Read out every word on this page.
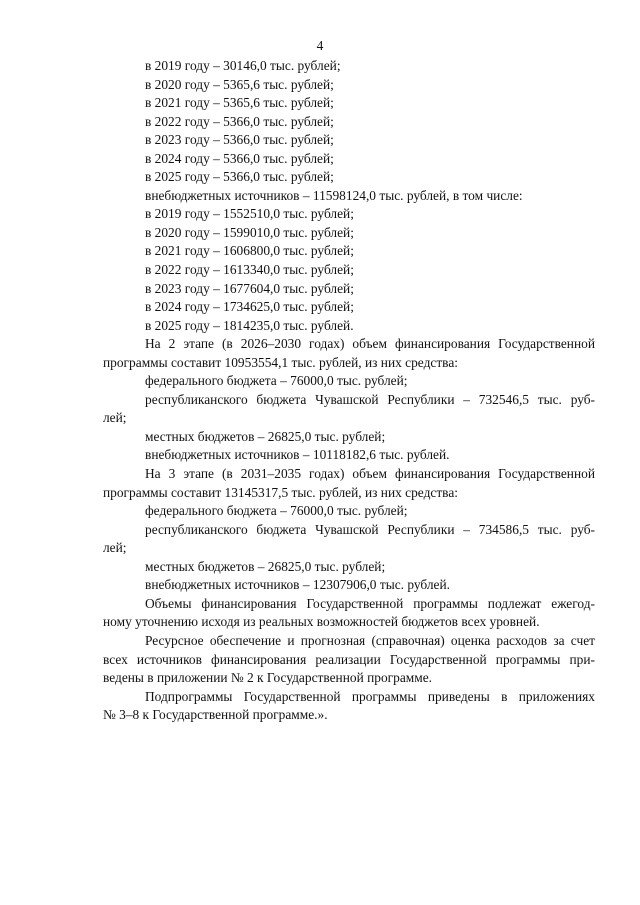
4
в 2019 году – 30146,0 тыс. рублей;
в 2020 году – 5365,6 тыс. рублей;
в 2021 году – 5365,6 тыс. рублей;
в 2022 году – 5366,0 тыс. рублей;
в 2023 году – 5366,0 тыс. рублей;
в 2024 году – 5366,0 тыс. рублей;
в 2025 году – 5366,0 тыс. рублей;
внебюджетных источников – 11598124,0 тыс. рублей, в том числе:
в 2019 году – 1552510,0 тыс. рублей;
в 2020 году – 1599010,0 тыс. рублей;
в 2021 году – 1606800,0 тыс. рублей;
в 2022 году – 1613340,0 тыс. рублей;
в 2023 году – 1677604,0 тыс. рублей;
в 2024 году – 1734625,0 тыс. рублей;
в 2025 году – 1814235,0 тыс. рублей.
На 2 этапе (в 2026–2030 годах) объем финансирования Государственной
программы составит 10953554,1 тыс. рублей, из них средства:
федерального бюджета – 76000,0 тыс. рублей;
республиканского бюджета Чувашской Республики – 732546,5 тыс. руб-
лей;
местных бюджетов – 26825,0 тыс. рублей;
внебюджетных источников – 10118182,6 тыс. рублей.
На 3 этапе (в 2031–2035 годах) объем финансирования Государственной
программы составит 13145317,5 тыс. рублей, из них средства:
федерального бюджета – 76000,0 тыс. рублей;
республиканского бюджета Чувашской Республики – 734586,5 тыс. руб-
лей;
местных бюджетов – 26825,0 тыс. рублей;
внебюджетных источников – 12307906,0 тыс. рублей.
Объемы финансирования Государственной программы подлежат ежегод-
ному уточнению исходя из реальных возможностей бюджетов всех уровней.
Ресурсное обеспечение и прогнозная (справочная) оценка расходов за счет
всех источников финансирования реализации Государственной программы при-
ведены в приложении № 2 к Государственной программе.
Подпрограммы Государственной программы приведены в приложениях
№ 3–8 к Государственной программе.».
